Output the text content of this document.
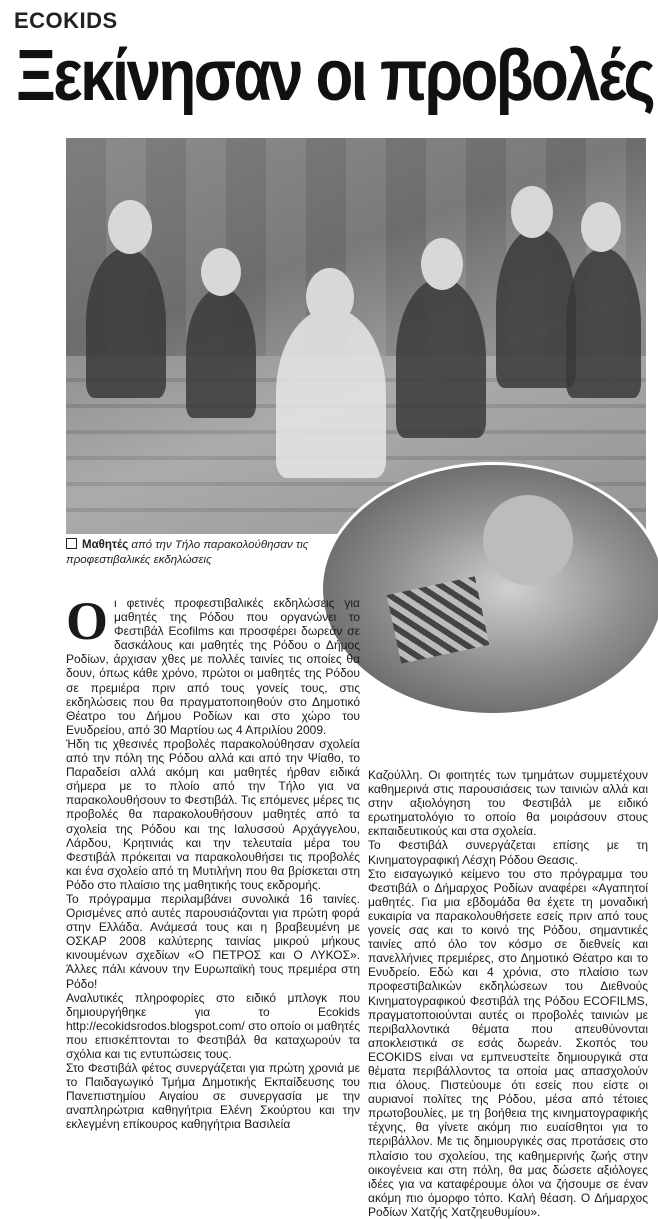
ECOKIDS
Ξεκίνησαν οι προβολές
Μαθητές από την Τήλο παρακολούθησαν τις προφεστιβαλικές εκδηλώσεις
Ο ι φετινές προφεστιβαλικές εκδηλώσεις για μαθητές της Ρόδου που οργανώνει το Φεστιβάλ Ecofilms και προσφέρει δωρεάν σε δασκάλους και μαθητές της Ρόδου ο Δήμος Ροδίων, άρχισαν χθες με πολλές ταινίες τις οποίες θα δουν, όπως κάθε χρόνο, πρώτοι οι μαθητές της Ρόδου σε πρεμιέρα πριν από τους γονείς τους, στις εκδηλώσεις που θα πραγματοποιηθούν στο Δημοτικό Θέατρο του Δήμου Ροδίων και στο χώρο του Ενυδρείου, από 30 Μαρτίου ως 4 Απριλίου 2009.

Ήδη τις χθεσινές προβολές παρακολούθησαν σχολεία από την πόλη της Ρόδου αλλά και από την Ψίαθο, το Παραδείσι αλλά ακόμη και μαθητές ήρθαν ειδικά σήμερα με το πλοίο από την Τήλο για να παρακολουθήσουν το Φεστιβάλ. Τις επόμενες μέρες τις προβολές θα παρακολουθήσουν μαθητές από τα σχολεία της Ρόδου και της Ιαλυσσού Αρχάγγελου, Λάρδου, Κρητινιάς και την τελευταία μέρα του Φεστιβάλ πρόκειται να παρακολουθήσει τις προβολές και ένα σχολείο από τη Μυτιλήνη που θα βρίσκεται στη Ρόδο στο πλαίσιο της μαθητικής τους εκδρομής.

Το πρόγραμμα περιλαμβάνει συνολικά 16 ταινίες. Ορισμένες από αυτές παρουσιάζονται για πρώτη φορά στην Ελλάδα. Ανάμεσά τους και η βραβευμένη με ΟΣΚΑΡ 2008 καλύτερης ταινίας μικρού μήκους κινουμένων σχεδίων «Ο ΠΕΤΡΟΣ και Ο ΛΥΚΟΣ». Άλλες πάλι κάνουν την Ευρωπαϊκή τους πρεμιέρα στη Ρόδο!

Αναλυτικές πληροφορίες στο ειδικό μπλογκ που δημιουργήθηκε για το Ecokids http://ecokidsrodos.blogspot.com/ στο οποίο οι μαθητές που επισκέπτονται το Φεστιβάλ θα καταχωρούν τα σχόλια και τις εντυπώσεις τους.

Στο Φεστιβάλ φέτος συνεργάζεται για πρώτη χρονιά με το Παιδαγωγικό Τμήμα Δημοτικής Εκπαίδευσης του Πανεπιστημίου Αιγαίου σε συνεργασία με την αναπληρώτρια καθηγήτρια Ελένη Σκούρτου και την εκλεγμένη επίκουρος καθηγήτρια Βασιλεία

Καζούλλη. Οι φοιτητές των τμημάτων συμμετέχουν καθημερινά στις παρουσιάσεις των ταινιών αλλά και στην αξιολόγηση του Φεστιβάλ με ειδικό ερωτηματολόγιο το οποίο θα μοιράσουν στους εκπαιδευτικούς και στα σχολεία.

Το Φεστιβάλ συνεργάζεται επίσης με τη Κινηματογραφική Λέσχη Ρόδου Θεασις.

Στο εισαγωγικό κείμενο του στο πρόγραμμα του Φεστιβάλ ο Δήμαρχος Ροδίων αναφέρει «Αγαπητοί μαθητές. Για μια εβδομάδα θα έχετε τη μοναδική ευκαιρία να παρακολουθήσετε εσείς πριν από τους γονείς σας και το κοινό της Ρόδου, σημαντικές ταινίες από όλο τον κόσμο σε διεθνείς και πανελλήνιες πρεμιέρες, στο Δημοτικό Θέατρο και το Ενυδρείο. Εδώ και 4 χρόνια, στο πλαίσιο των προφεστιβαλικών εκδηλώσεων του Διεθνούς Κινηματογραφικού Φεστιβάλ της Ρόδου ECOFILMS, πραγματοποιούνται αυτές οι προβολές ταινιών με περιβαλλοντικά θέματα που απευθύνονται αποκλειστικά σε εσάς δωρεάν. Σκοπός του ECOKIDS είναι να εμπνευστείτε δημιουργικά στα θέματα περιβάλλοντος τα οποία μας απασχολούν πια όλους. Πιστεύουμε ότι εσείς που είστε οι αυριανοί πολίτες της Ρόδου, μέσα από τέτοιες πρωτοβουλίες, με τη βοήθεια της κινηματογραφικής τέχνης, θα γίνετε ακόμη πιο ευαίσθητοι για το περιβάλλον. Με τις δημιουργικές σας προτάσεις στο πλαίσιο του σχολείου, της καθημερινής ζωής στην οικογένεια και στη πόλη, θα μας δώσετε αξιόλογες ιδέες για να καταφέρουμε όλοι να ζήσουμε σε έναν ακόμη πιο όμορφο τόπο. Καλή θέαση. Ο Δήμαρχος Ροδίων Χατζής Χατζηευθυμίου».
